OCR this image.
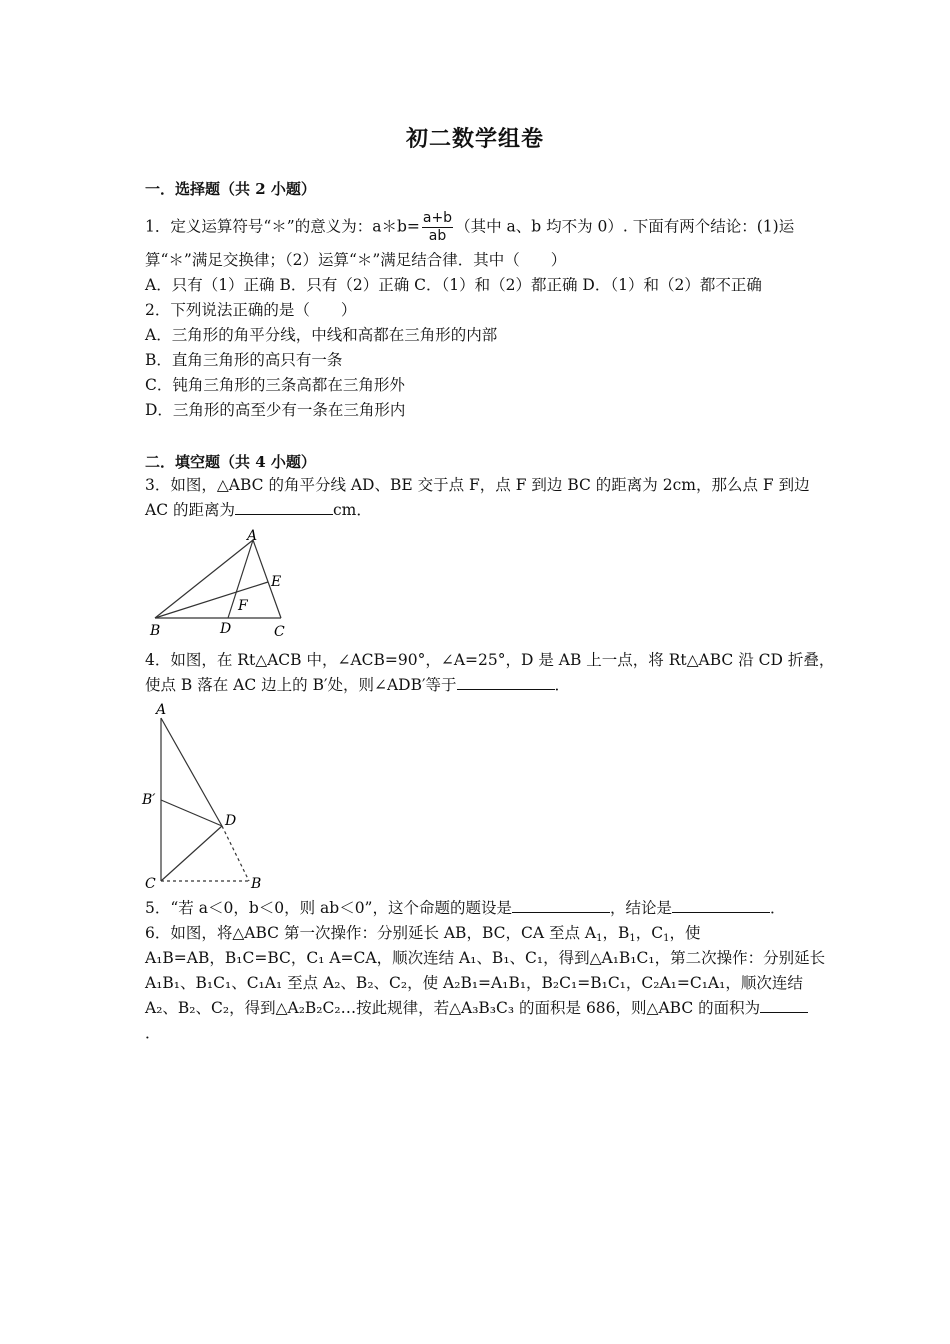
初二数学组卷
一．选择题（共 2 小题）
1．定义运算符号“＊”的意义为：a＊b= $\frac{a+b}{ab}$ （其中 a、b 均不为 0）. 下面有两个结论：(1)运
算“＊”满足交换律；（2）运算“＊”满足结合律．其中（　　）
A．只有（1）正确 B．只有（2）正确 C．（1）和（2）都正确 D．（1）和（2）都不正确
2．下列说法正确的是（　　）
A．三角形的角平分线，中线和高都在三角形的内部
B．直角三角形的高只有一条
C．钝角三角形的三条高都在三角形外
D．三角形的高至少有一条在三角形内
二．填空题（共 4 小题）
3．如图，△ABC 的角平分线 AD、BE 交于点 F，点 F 到边 BC 的距离为 2cm，那么点 F 到边
AC 的距离为	cm．
A
B	C
D
E
F
4．如图，在 Rt△ACB 中，∠ACB=90°，∠A=25°，D 是 AB 上一点，将 Rt△ABC 沿 CD 折叠，
使点 B 落在 AC 边上的 B′处，则∠ADB′等于	．
A
B′
C
D
B
5．“若 a＜0，b＜0，则 ab＜0”，这个命题的题设是	，结论是	．
6．如图，将△ABC 第一次操作：分别延长 AB，BC，CA 至点 $A_1$，$B_1$，$C_1$，使
A₁B=AB，B₁C=BC，C₁ A=CA，顺次连结 A₁、B₁、C₁，得到△A₁B₁C₁，第二次操作：分别延长
A₁B₁、B₁C₁、C₁A₁ 至点 A₂、B₂、C₂，使 A₂B₁=A₁B₁，B₂C₁=B₁C₁，C₂A₁=C₁A₁，顺次连结
A₂、B₂、C₂，得到△A₂B₂C₂…按此规律，若△A₃B₃C₃ 的面积是 686，则△ABC 的面积为
．
